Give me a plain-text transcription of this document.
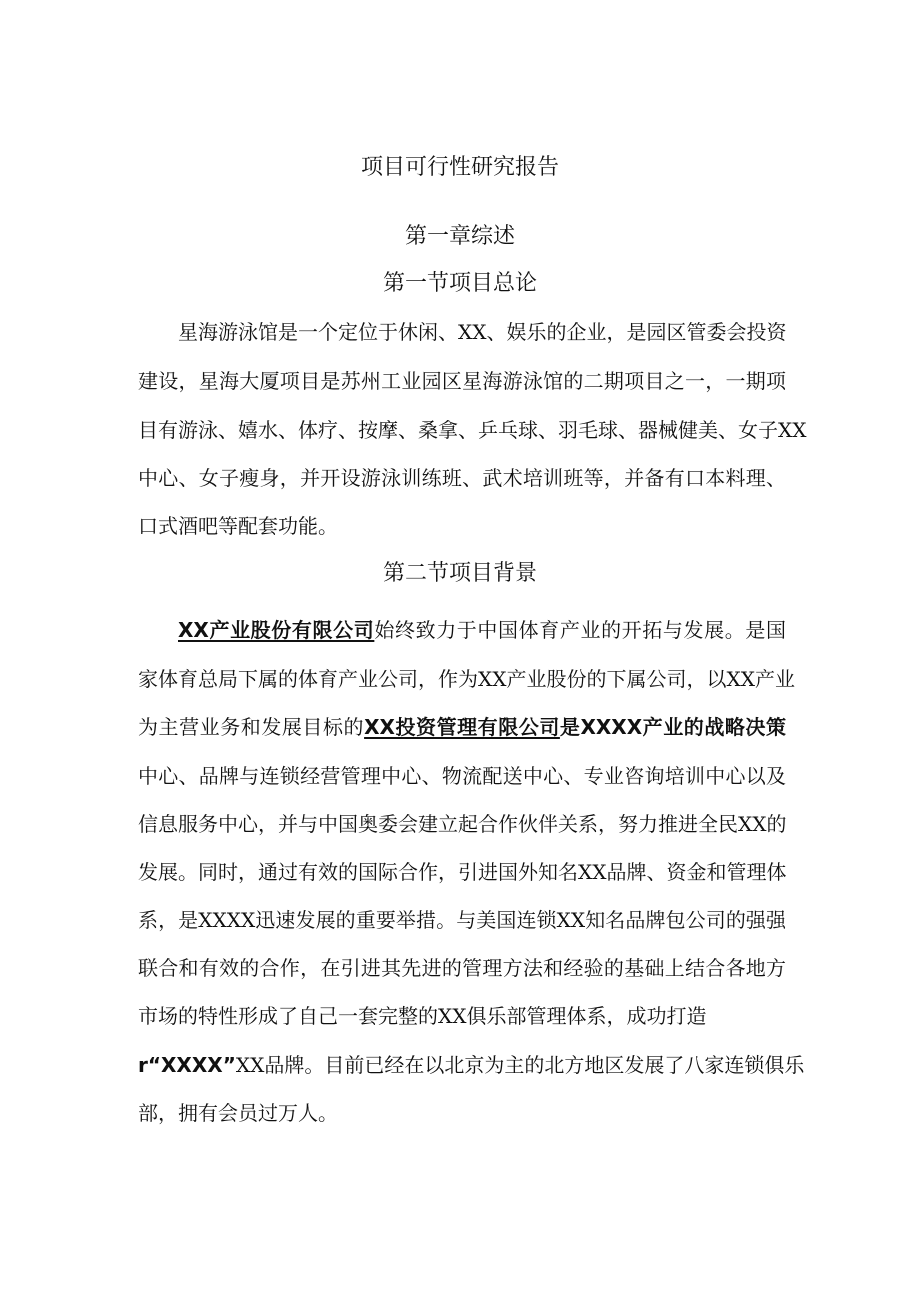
项目可行性研究报告
第一章综述
第一节项目总论

星海游泳馆是一个定位于休闲、XX、娱乐的企业，是园区管委会投资

建设，星海大厦项目是苏州工业园区星海游泳馆的二期项目之一，一期项

目有游泳、嬉水、体疗、按摩、桑拿、乒乓球、羽毛球、器械健美、女子XX

中心、女子瘦身，并开设游泳训练班、武术培训班等，并备有口本料理、

口式酒吧等配套功能。

第二节项目背景

XX产业股份有限公司始终致力于中国体育产业的开拓与发展。是国

家体育总局下属的体育产业公司，作为XX产业股份的下属公司，以XX产业

为主营业务和发展目标的XX投资管理有限公司是XXXX产业的战略决策

中心、品牌与连锁经营管理中心、物流配送中心、专业咨询培训中心以及

信息服务中心，并与中国奥委会建立起合作伙伴关系，努力推进全民XX的

发展。同时，通过有效的国际合作，引进国外知名XX品牌、资金和管理体

系，是XXXX迅速发展的重要举措。与美国连锁XX知名品牌包公司的强强

联合和有效的合作，在引进其先进的管理方法和经验的基础上结合各地方

市场的特性形成了自己一套完整的XX俱乐部管理体系，成功打造

r“XXXX”XX品牌。目前已经在以北京为主的北方地区发展了八家连锁俱乐

部，拥有会员过万人。
